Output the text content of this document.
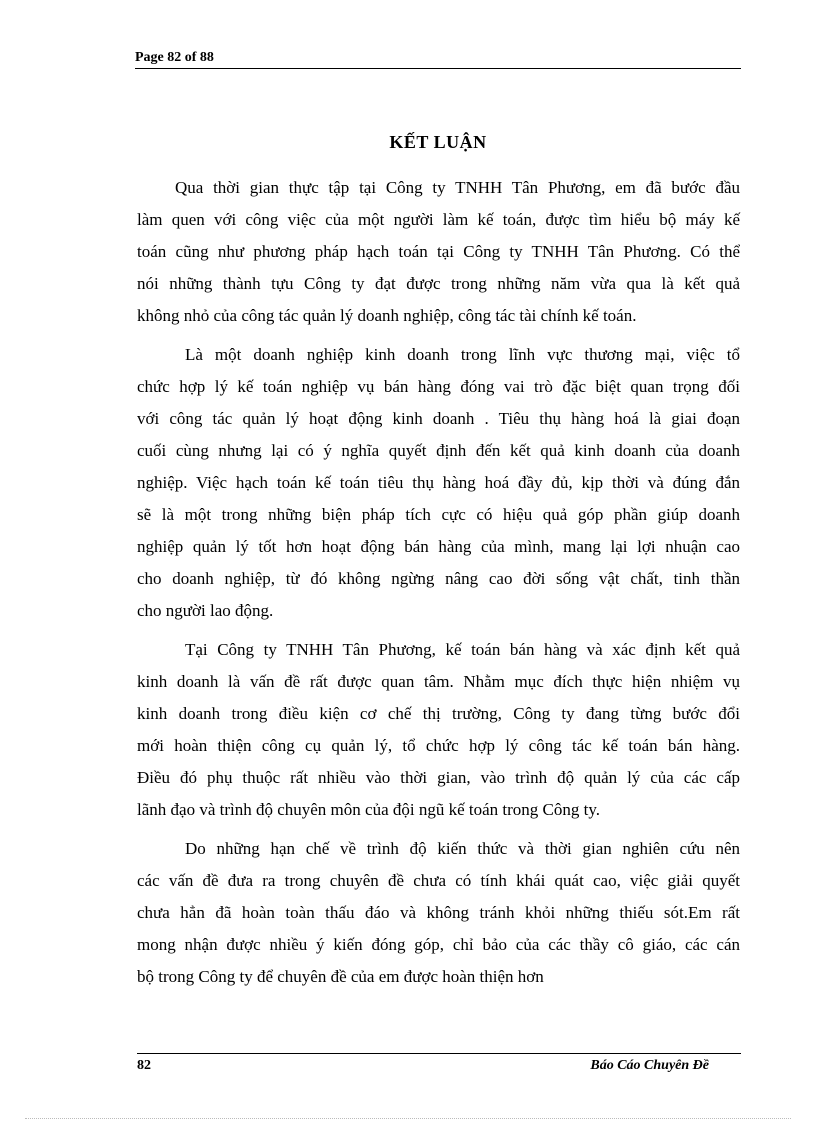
Page 82 of 88
KẾT LUẬN

Qua thời gian thực tập tại Công ty TNHH Tân Phương, em đã bước đầu
làm quen với công việc của một người làm kế toán, được tìm hiểu bộ máy kế
toán cũng như phương pháp hạch toán tại Công ty TNHH Tân Phương. Có thể
nói những thành tựu Công ty đạt được trong những năm vừa qua là kết quả
không nhỏ của công tác quản lý doanh nghiệp, công tác tài chính kế toán.

Là một doanh nghiệp kinh doanh trong lĩnh vực thương mại, việc tổ
chức hợp lý kế toán nghiệp vụ bán hàng đóng vai trò đặc biệt quan trọng đối
với công tác quản lý hoạt động kinh doanh . Tiêu thụ hàng hoá là giai đoạn
cuối cùng nhưng lại có ý nghĩa quyết định đến kết quả kinh doanh của doanh
nghiệp. Việc hạch toán kế toán tiêu thụ hàng hoá đầy đủ, kịp thời và đúng đắn
sẽ là một trong những biện pháp tích cực có hiệu quả góp phần giúp doanh
nghiệp quản lý tốt hơn hoạt động bán hàng của mình, mang lại lợi nhuận cao
cho doanh nghiệp, từ đó không ngừng nâng cao đời sống vật chất, tinh thần
cho người lao động.

Tại Công ty TNHH Tân Phương, kế toán bán hàng và xác định kết quả
kinh doanh là vấn đề rất được quan tâm. Nhằm mục đích thực hiện nhiệm vụ
kinh doanh trong điều kiện cơ chế thị trường, Công ty đang từng bước đổi
mới hoàn thiện công cụ quản lý, tổ chức hợp lý công tác kế toán bán hàng.
Điều đó phụ thuộc rất nhiều vào thời gian, vào trình độ quản lý của các cấp
lãnh đạo và trình độ chuyên môn của đội ngũ kế toán trong Công ty.

Do những hạn chế về trình độ kiến thức và thời gian nghiên cứu nên
các vấn đề đưa ra trong chuyên đề chưa có tính khái quát cao, việc giải quyết
chưa hẳn đã hoàn toàn thấu đáo và không tránh khỏi những thiếu sót.Em rất
mong nhận được nhiều ý kiến đóng góp, chỉ bảo của các thầy cô giáo, các cán
bộ trong Công ty để chuyên đề của em được hoàn thiện hơn

82	Báo Cáo Chuyên Đề
